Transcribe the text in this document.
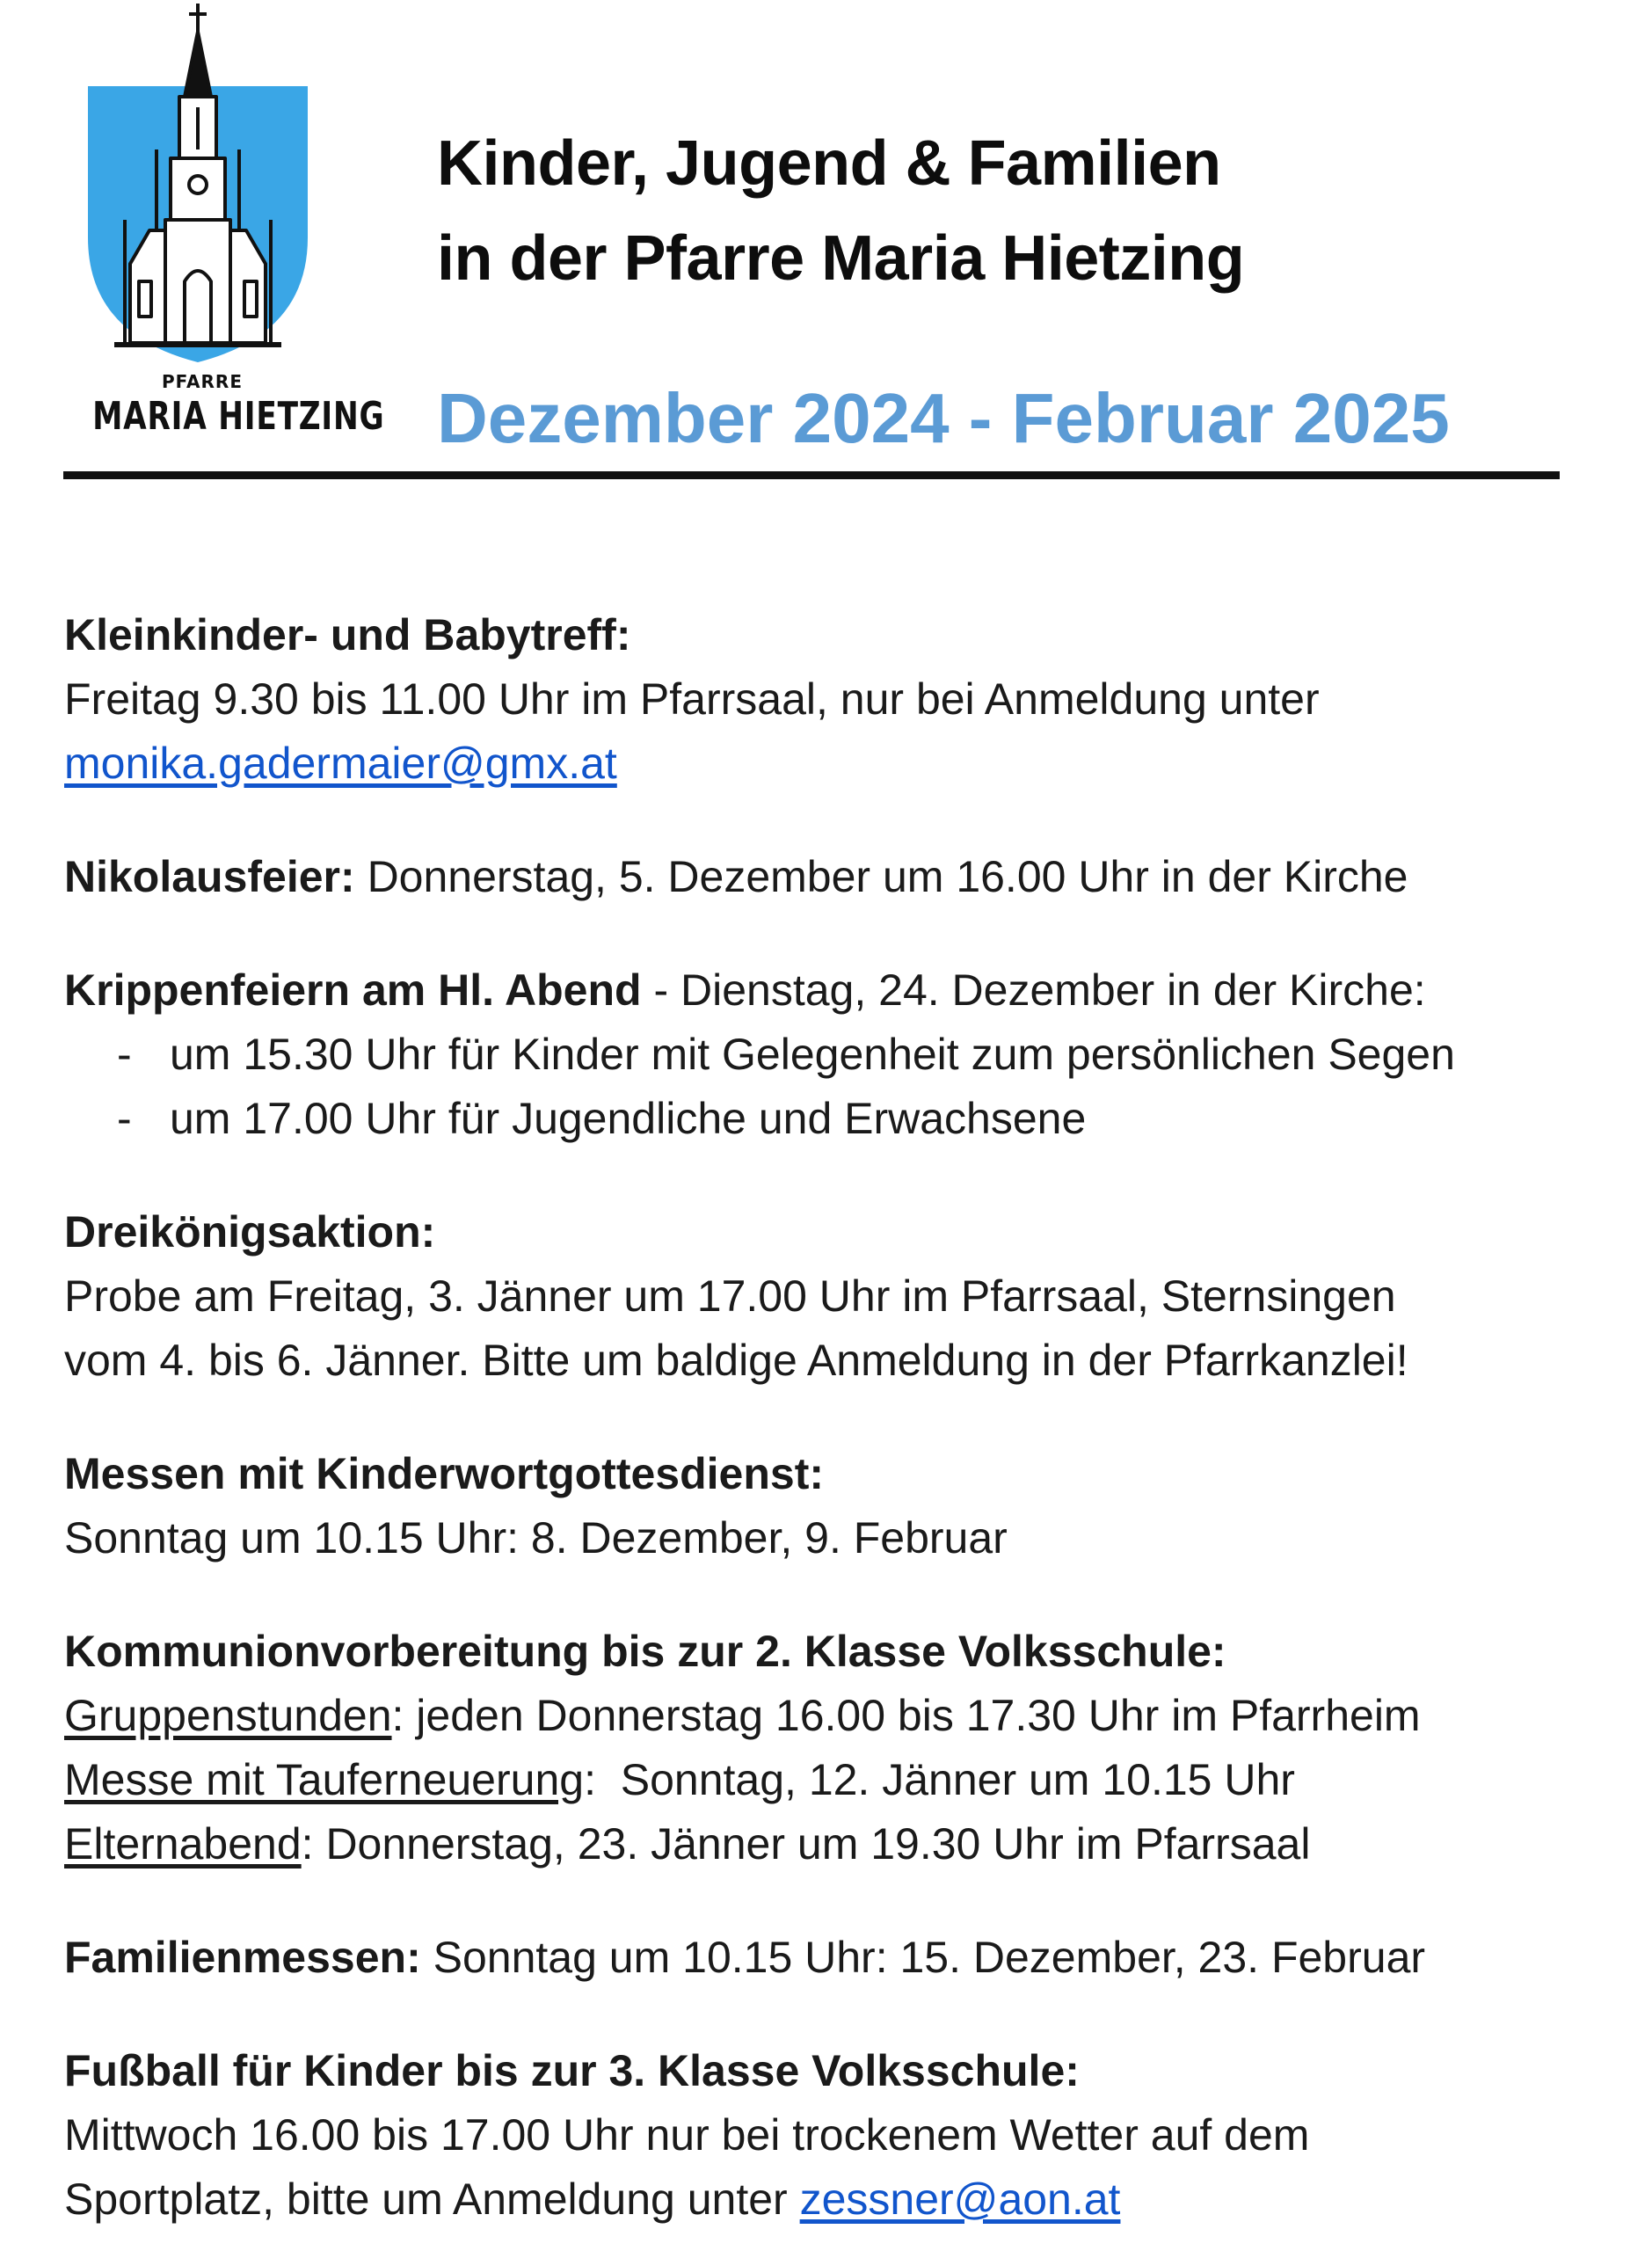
PFARRE
MARIA HIETZING
Kinder, Jugend & Familien
in der Pfarre Maria Hietzing
Dezember 2024 - Februar 2025
Kleinkinder- und Babytreff:
Freitag 9.30 bis 11.00 Uhr im Pfarrsaal, nur bei Anmeldung unter
monika.gadermaier@gmx.at
Nikolausfeier: Donnerstag, 5. Dezember um 16.00 Uhr in der Kirche
Krippenfeiern am Hl. Abend - Dienstag, 24. Dezember in der Kirche:
- um 15.30 Uhr für Kinder mit Gelegenheit zum persönlichen Segen
- um 17.00 Uhr für Jugendliche und Erwachsene
Dreikönigsaktion:
Probe am Freitag, 3. Jänner um 17.00 Uhr im Pfarrsaal, Sternsingen
vom 4. bis 6. Jänner. Bitte um baldige Anmeldung in der Pfarrkanzlei!
Messen mit Kinderwortgottesdienst:
Sonntag um 10.15 Uhr: 8. Dezember, 9. Februar
Kommunionvorbereitung bis zur 2. Klasse Volksschule:
Gruppenstunden: jeden Donnerstag 16.00 bis 17.30 Uhr im Pfarrheim
Messe mit Tauferneuerung:  Sonntag, 12. Jänner um 10.15 Uhr
Elternabend: Donnerstag, 23. Jänner um 19.30 Uhr im Pfarrsaal
Familienmessen: Sonntag um 10.15 Uhr: 15. Dezember, 23. Februar
Fußball für Kinder bis zur 3. Klasse Volksschule:
Mittwoch 16.00 bis 17.00 Uhr nur bei trockenem Wetter auf dem
Sportplatz, bitte um Anmeldung unter zessner@aon.at
